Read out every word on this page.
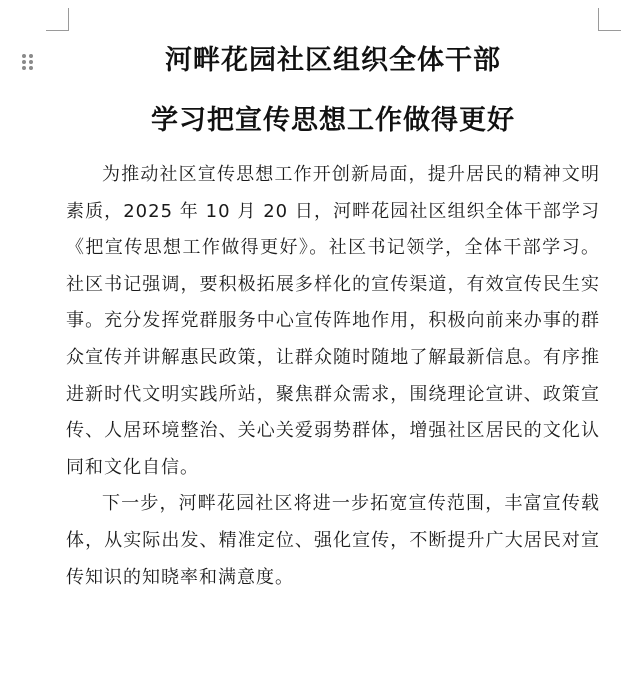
河畔花园社区组织全体干部
学习把宣传思想工作做得更好

为推动社区宣传思想工作开创新局面，提升居民的精神文明素质，2025 年 10 月 20 日，河畔花园社区组织全体干部学习《把宣传思想工作做得更好》。社区书记领学，全体干部学习。社区书记强调，要积极拓展多样化的宣传渠道，有效宣传民生实事。充分发挥党群服务中心宣传阵地作用，积极向前来办事的群众宣传并讲解惠民政策，让群众随时随地了解最新信息。有序推进新时代文明实践所站，聚焦群众需求，围绕理论宣讲、政策宣传、人居环境整治、关心关爱弱势群体，增强社区居民的文化认同和文化自信。

下一步，河畔花园社区将进一步拓宽宣传范围，丰富宣传载体，从实际出发、精准定位、强化宣传，不断提升广大居民对宣传知识的知晓率和满意度。
